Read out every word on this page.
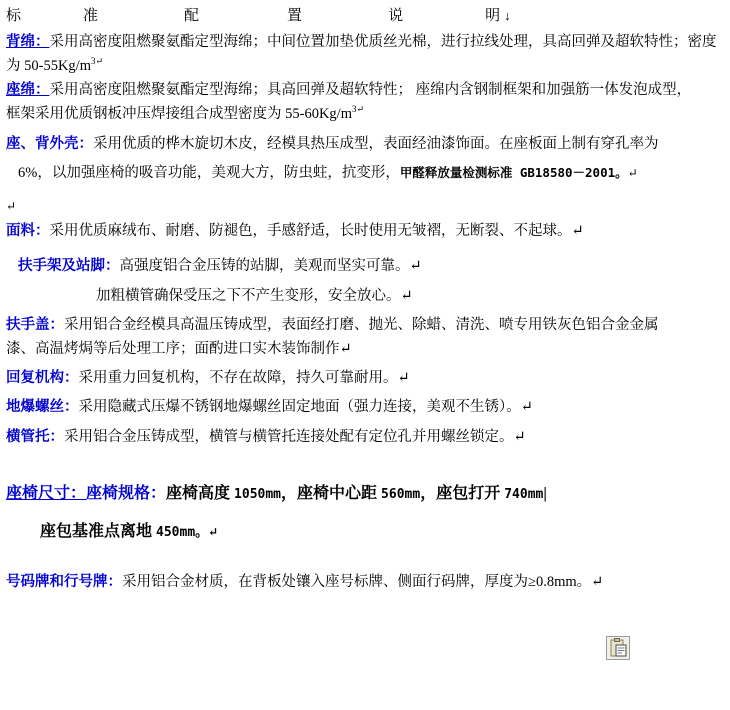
标	准	配	置	说	明 ↓

背绵：采用高密度阻燃聚氨酯定型海绵；中间位置加垫优质丝光棉，进行拉线处理，具高回弹及超软特性；密度为 $50-55Kg/m^{3↵}$

座绵：采用高密度阻燃聚氨酯定型海绵；具高回弹及超软特性； 座绵内含钢制框架和加强筋一体发泡成型，
框架采用优质钢板冲压焊接组合成型密度为 $55-60Kg/m^{3↵}$

座、背外壳：采用优质的桦木旋切木皮，经模具热压成型，表面经油漆饰面。在座板面上制有穿孔率为

6%，以加强座椅的吸音功能，美观大方，防虫蛀，抗变形，甲醛释放量检测标准 GB18580－2001。↵

↵

面料：采用优质麻绒布、耐磨、防褪色，手感舒适，长时使用无皱褶，无断裂、不起球。↵

扶手架及站脚：高强度铝合金压铸的站脚，美观而坚实可靠。↵

加粗横管确保受压之下不产生变形，安全放心。↵

扶手盖：采用铝合金经模具高温压铸成型，表面经打磨、抛光、除蜡、清洗、喷专用铁灰色铝合金金属
漆、高温烤焗等后处理工序；面酌进口实木装饰制作↵

回复机构：采用重力回复机构，不存在故障，持久可靠耐用。↵

地爆螺丝：采用隐藏式压爆不锈钢地爆螺丝固定地面（强力连接，美观不生锈）。↵

横管托：采用铝合金压铸成型，横管与横管托连接处配有定位孔并用螺丝锁定。↵

座椅尺寸：座椅规格：座椅高度 1050mm，座椅中心距 560mm，座包打开 740mm|

座包基准点离地 450mm。↵

号码牌和行号牌：采用铝合金材质，在背板处镶入座号标牌、侧面行码牌，厚度为≥0.8mm。↵
